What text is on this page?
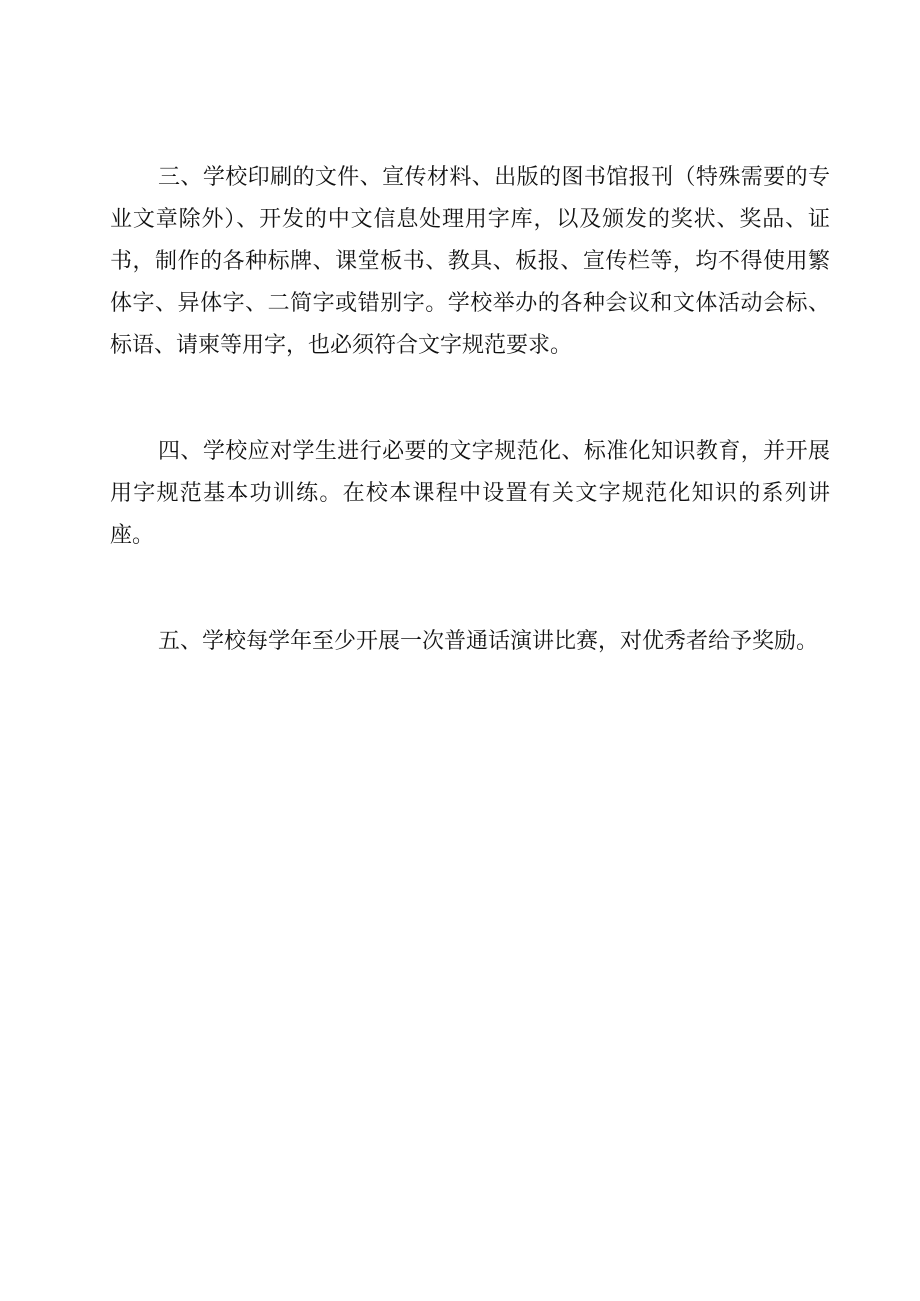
三、学校印刷的文件、宣传材料、出版的图书馆报刊（特殊需要的专业文章除外）、开发的中文信息处理用字库，以及颁发的奖状、奖品、证书，制作的各种标牌、课堂板书、教具、板报、宣传栏等，均不得使用繁体字、异体字、二简字或错别字。学校举办的各种会议和文体活动会标、标语、请柬等用字，也必须符合文字规范要求。

四、学校应对学生进行必要的文字规范化、标准化知识教育，并开展用字规范基本功训练。在校本课程中设置有关文字规范化知识的系列讲座。

五、学校每学年至少开展一次普通话演讲比赛，对优秀者给予奖励。
